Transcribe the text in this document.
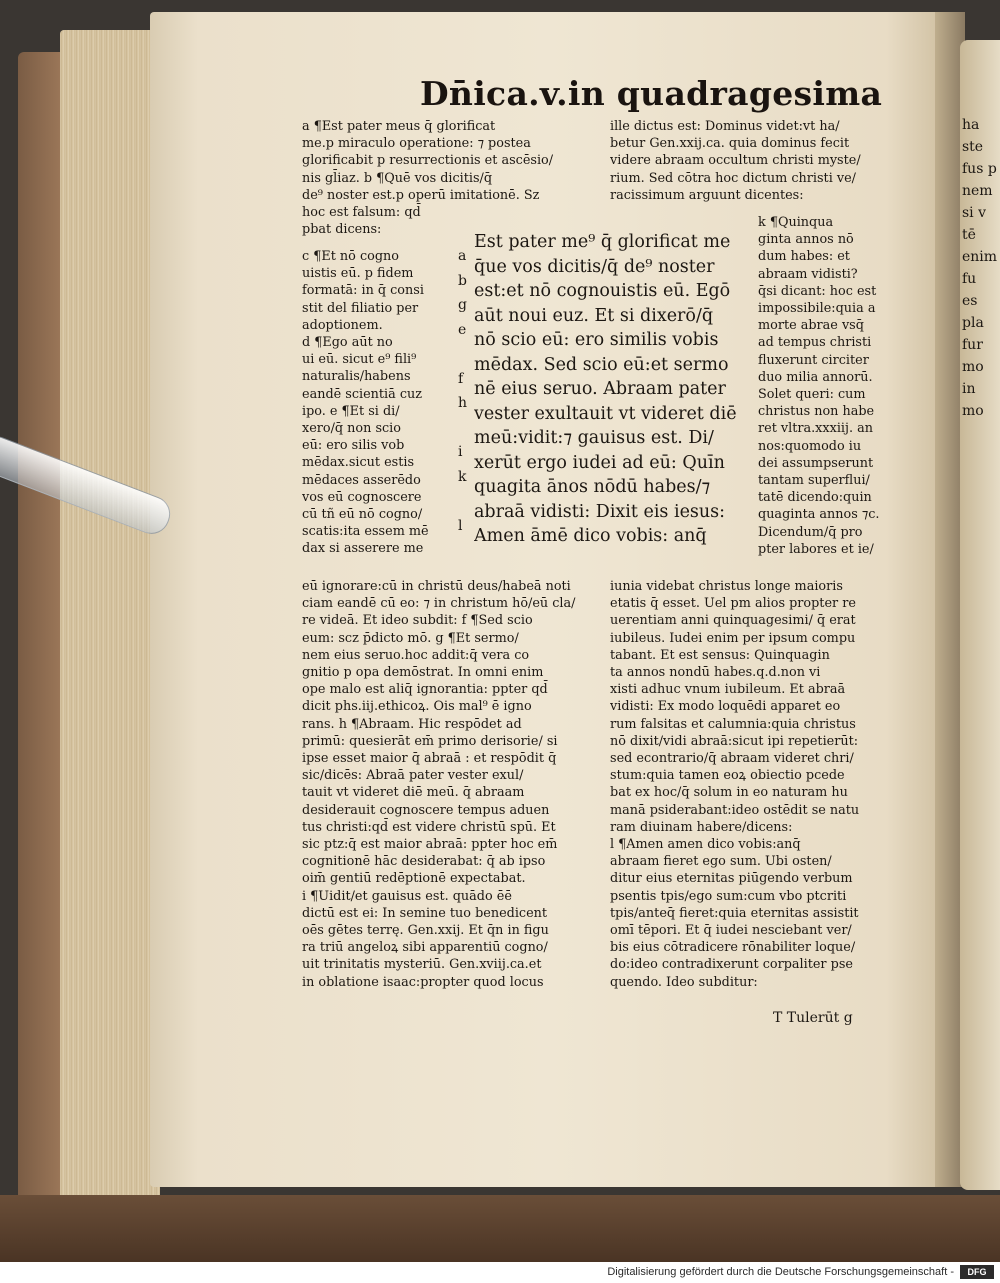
ha
ste
fus p
nem
si v
tē
enim
fu
es
pla
fur
mo
in
mo
Dn̄ica.v.in quadragesima
a ¶Est pater meus q̄ glorificat
me.p miraculo operatione: ⁊ postea
glorificabit p resurrectionis et ascēsio/
nis gl̄iaz. b ¶Quē vos dicitis/q̄
de⁹ noster est.p operū imitationē. Sz
hoc est falsum: qd̄
pbat dicens:
c ¶Et nō cogno
uistis eū. p fidem
formatā: in q̄ consi
stit del filiatio per
adoptionem.
d ¶Ego aūt no
ui eū. sicut e⁹ fili⁹
naturalis/habens
eandē scientiā cuz
ipo. e ¶Et si di/
xero/q̄ non scio
eū: ero silis vob
mēdax.sicut estis
mēdaces asserēdo
vos eū cognoscere
cū tñ eū nō cogno/
scatis:ita essem mē
dax si asserere me
ille dictus est: Dominus videt:vt ha/
betur Gen.xxij.ca. quia dominus fecit
videre abraam occultum christi myste/
rium. Sed cōtra hoc dictum christi ve/
racissimum arguunt dicentes:
k ¶Quinqua
ginta annos nō
dum habes: et
abraam vidisti?
q̄si dicant: hoc est
impossibile:quia a
morte abrae vsq̄
ad tempus christi
fluxerunt circiter
duo milia annorū.
Solet queri: cum
christus non habe
ret vltra.xxxiij. an
nos:quomodo iu
dei assumpserunt
tantam superflui/
tatē dicendo:quin
quaginta annos ⁊c.
Dicendum/q̄ pro
pter labores et ie/
a
b
g
e

f
h

i
k

l
Est pater me⁹ q̄ glorificat me
q̄ue vos dicitis/q̄ de⁹ noster
est:et nō cognouistis eū. Egō
aūt noui euz. Et si dixerō/q̄
nō scio eū: ero similis vobis
mēdax. Sed scio eū:et sermo
nē eius seruo. Abraam pater
vester exultauit vt videret diē
meū:vidit:⁊ gauisus est. Di/
xerūt ergo iudei ad eū: Quīn
quagita ānos nōdū habes/⁊
abraā vidisti: Dixit eis iesus:
Amen āmē dico vobis: anq̄
eū ignorare:cū in christū deus/habeā noti
ciam eandē cū eo: ⁊ in christum hō/eū cla/
re videā. Et ideo subdit: f ¶Sed scio
eum: scz p̄dicto mō. g ¶Et sermo/
nem eius seruo.hoc addit:q̄ vera co
gnitio p opa demōstrat. In omni enim
ope malo est aliq̄ ignorantia: ppter qd̄
dicit phs.iij.ethicoꝝ. Ois mal⁹ ē igno
rans. h ¶Abraam. Hic respōdet ad
primū: quesierāt em̄ primo derisorie/ si
ipse esset maior q̄ abraā : et respōdit q̄
sic/dicēs: Abraā pater vester exul/
tauit vt videret diē meū. q̄ abraam
desiderauit cognoscere tempus aduen
tus christi:qd̄ est videre christū spū. Et
sic ptz:q̄ est maior abraā: ppter hoc em̄
cognitionē hāc desiderabat: q̄ ab ipso
oim̄ gentiū redēptionē expectabat.
i ¶Uidit/et gauisus est. quādo ēē
dictū est ei: In semine tuo benedicent
oēs gētes terrę. Gen.xxij. Et q̄n in figu
ra triū angeloꝝ sibi apparentiū cogno/
uit trinitatis mysteriū. Gen.xviij.ca.et
in oblatione isaac:propter quod locus
iunia videbat christus longe maioris
etatis q̄ esset. Uel pm alios propter re
uerentiam anni quinquagesimi/ q̄ erat
iubileus. Iudei enim per ipsum compu
tabant. Et est sensus: Quinquagin
ta annos nondū habes.q.d.non vi
xisti adhuc vnum iubileum. Et abraā
vidisti: Ex modo loquēdi apparet eo
rum falsitas et calumnia:quia christus
nō dixit/vidi abraā:sicut ipi repetierūt:
sed econtrario/q̄ abraam videret chri/
stum:quia tamen eoꝝ obiectio pcede
bat ex hoc/q̄ solum in eo naturam hu
manā psiderabant:ideo ostēdit se natu
ram diuinam habere/dicens:
l ¶Amen amen dico vobis:anq̄
abraam fieret ego sum. Ubi osten/
ditur eius eternitas piūgendo verbum
psentis tpis/ego sum:cum vbo ptcriti
tpis/anteq̄ fieret:quia eternitas assistit
omī tēpori. Et q̄ iudei nesciebant ver/
bis eius cōtradicere rōnabiliter loque/
do:ideo contradixerunt corpaliter pse
quendo. Ideo subditur:
T Tulerūt g
Digitalisierung gefördert durch die Deutsche Forschungsgemeinschaft -	DFG
